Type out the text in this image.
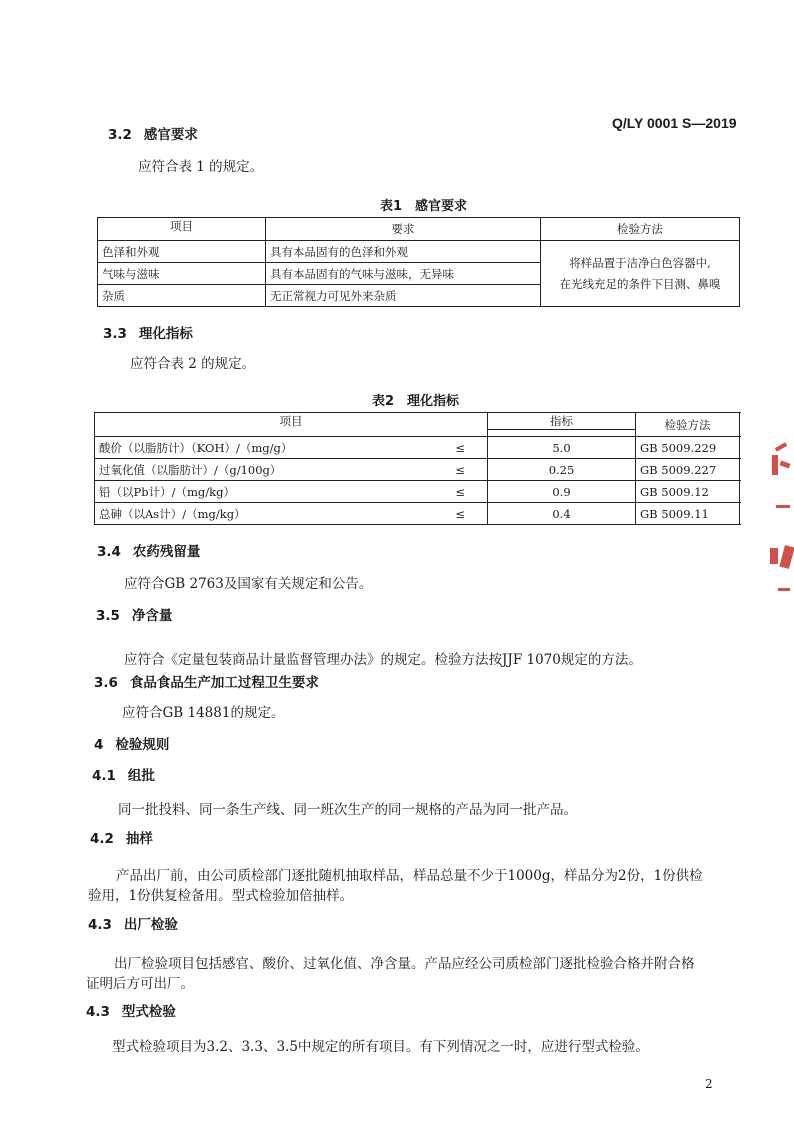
Q/LY 0001 S—2019
3.2 感官要求
应符合表 1 的规定。
表1　感官要求
项目	要求	检验方法

色泽和外观	具有本品固有的色泽和外观	将样品置于洁净白色容器中,
在光线充足的条件下目测、鼻嗅

气味与滋味	具有本品固有的气味与滋味，无异味	
杂质	无正常视力可见外来杂质	
3.3 理化指标
应符合表 2 的规定。
表2　理化指标
项目		指标	检验方法

酸价（以脂肪计）（KOH）/（mg/g）	≤	5.0	GB 5009.229
过氧化值（以脂肪计）/（g/100g）	≤	0.25	GB 5009.227
铅（以Pb计）/（mg/kg）	≤	0.9	GB 5009.12
总砷（以As计）/（mg/kg）	≤	0.4	GB 5009.11
3.4 农药残留量
应符合GB 2763及国家有关规定和公告。
3.5 净含量
应符合《定量包装商品计量监督管理办法》的规定。检验方法按JJF 1070规定的方法。
3.6 食品食品生产加工过程卫生要求
应符合GB 14881的规定。
4 检验规则
4.1 组批
同一批投料、同一条生产线、同一班次生产的同一规格的产品为同一批产品。
4.2 抽样
产品出厂前，由公司质检部门逐批随机抽取样品，样品总量不少于1000g，样品分为2份，1份供检
验用，1份供复检备用。型式检验加倍抽样。
4.3 出厂检验
出厂检验项目包括感官、酸价、过氧化值、净含量。产品应经公司质检部门逐批检验合格并附合格
证明后方可出厂。
4.3 型式检验
型式检验项目为3.2、3.3、3.5中规定的所有项目。有下列情况之一时，应进行型式检验。
2
